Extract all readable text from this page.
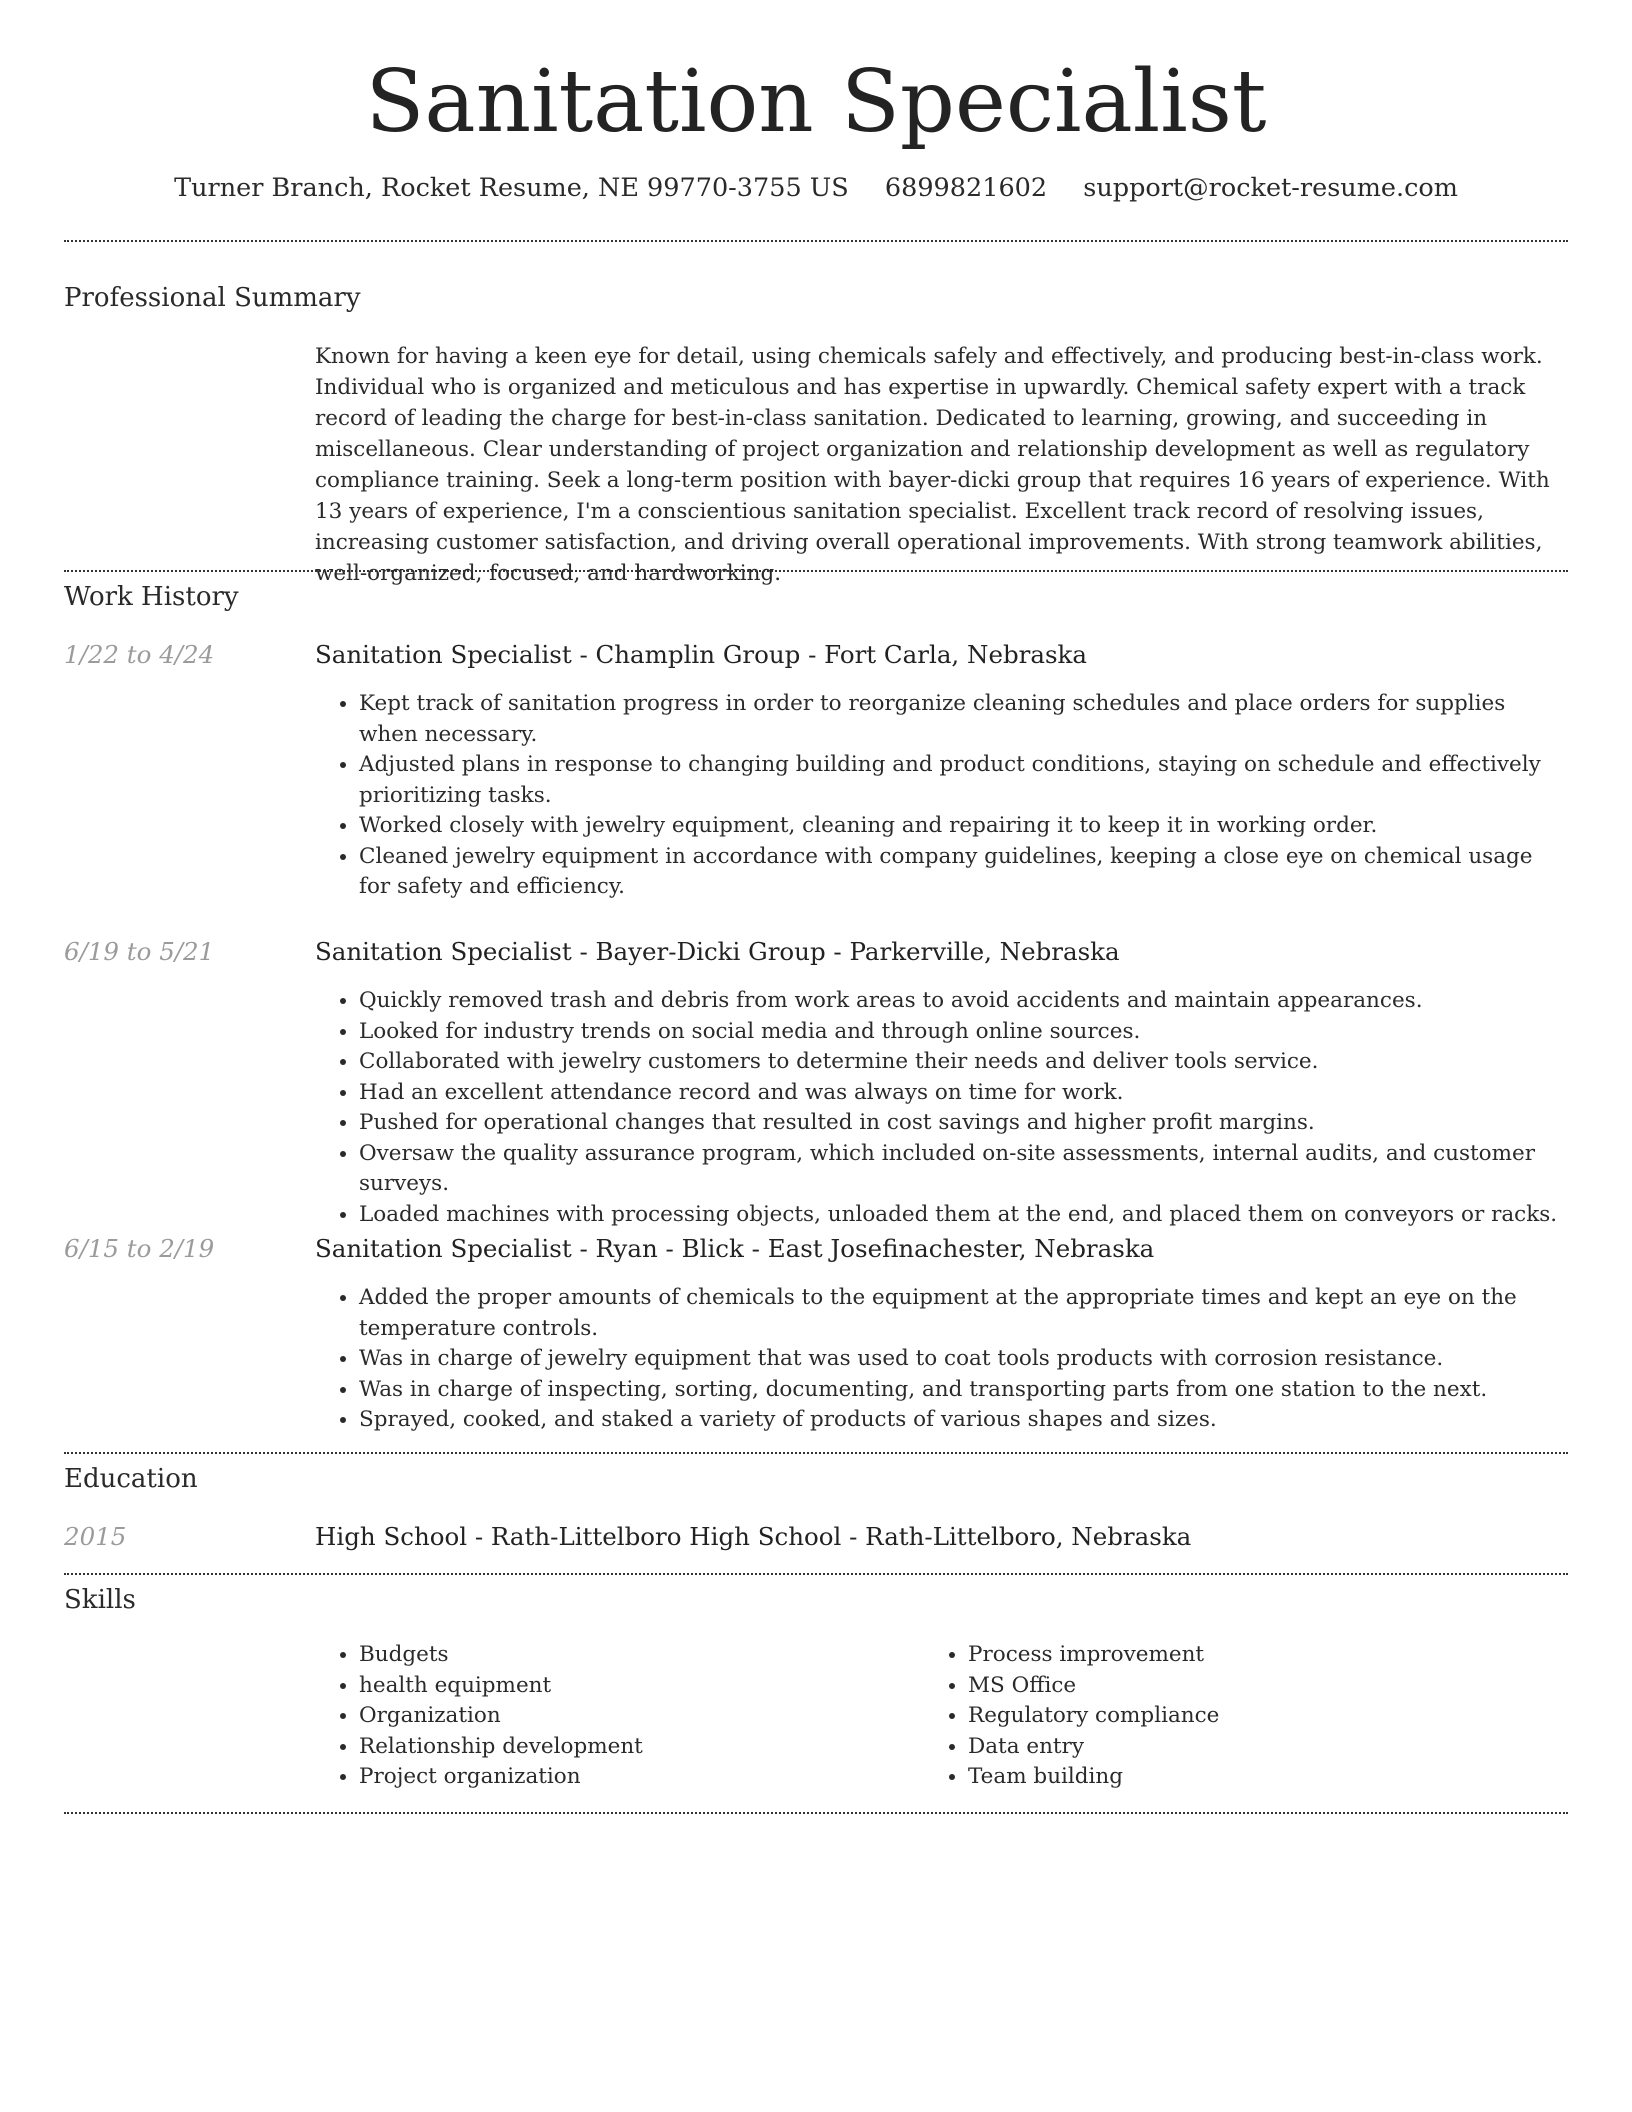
Sanitation Specialist
Turner Branch, Rocket Resume, NE 99770-3755 US 6899821602 support@rocket-resume.com
Professional Summary

Known for having a keen eye for detail, using chemicals safely and effectively, and producing best-in-class work. Individual who is organized and meticulous and has expertise in upwardly. Chemical safety expert with a track record of leading the charge for best-in-class sanitation. Dedicated to learning, growing, and succeeding in miscellaneous. Clear understanding of project organization and relationship development as well as regulatory compliance training. Seek a long-term position with bayer-dicki group that requires 16 years of experience. With 13 years of experience, I'm a conscientious sanitation specialist. Excellent track record of resolving issues, increasing customer satisfaction, and driving overall operational improvements. With strong teamwork abilities, well-organized, focused, and hardworking.

Work History
1/22 to 4/24	Sanitation Specialist - Champlin Group - Fort Carla, Nebraska
• Kept track of sanitation progress in order to reorganize cleaning schedules and place orders for supplies when necessary.
• Adjusted plans in response to changing building and product conditions, staying on schedule and effectively prioritizing tasks.
• Worked closely with jewelry equipment, cleaning and repairing it to keep it in working order.
• Cleaned jewelry equipment in accordance with company guidelines, keeping a close eye on chemical usage for safety and efficiency.
6/19 to 5/21	Sanitation Specialist - Bayer-Dicki Group - Parkerville, Nebraska
• Quickly removed trash and debris from work areas to avoid accidents and maintain appearances.
• Looked for industry trends on social media and through online sources.
• Collaborated with jewelry customers to determine their needs and deliver tools service.
• Had an excellent attendance record and was always on time for work.
• Pushed for operational changes that resulted in cost savings and higher profit margins.
• Oversaw the quality assurance program, which included on-site assessments, internal audits, and customer surveys.
• Loaded machines with processing objects, unloaded them at the end, and placed them on conveyors or racks.
6/15 to 2/19	Sanitation Specialist - Ryan - Blick - East Josefinachester, Nebraska
• Added the proper amounts of chemicals to the equipment at the appropriate times and kept an eye on the temperature controls.
• Was in charge of jewelry equipment that was used to coat tools products with corrosion resistance.
• Was in charge of inspecting, sorting, documenting, and transporting parts from one station to the next.
• Sprayed, cooked, and staked a variety of products of various shapes and sizes.
Education
2015	High School - Rath-Littelboro High School - Rath-Littelboro, Nebraska
Skills
• Budgets
• health equipment
• Organization
• Relationship development
• Project organization
• Process improvement
• MS Office
• Regulatory compliance
• Data entry
• Team building
